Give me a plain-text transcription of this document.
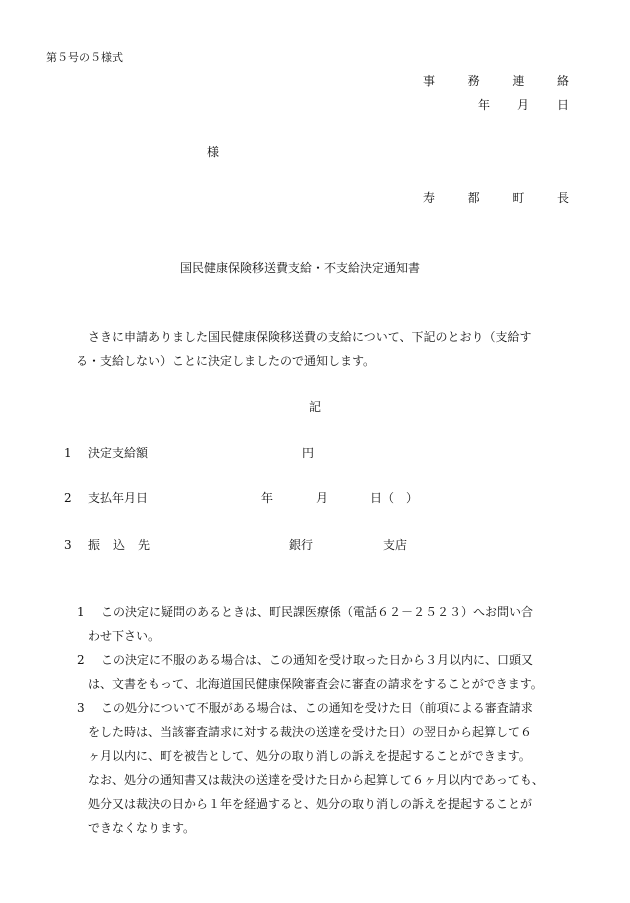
第５号の５様式
事	務	連	絡
年 月 日
様
寿	都	町	長
国民健康保険移送費支給・不支給決定通知書
さきに申請ありました国民健康保険移送費の支給について、下記のとおり（支給す
る・支給しない）ことに決定しましたので通知します。
記
1 決定支給額	円
2 支払年月日	年	月	日（　）
3 振 込 先	銀行	支店
1 この決定に疑問のあるときは、町民課医療係（電話６２－２５２３）へお問い合
わせ下さい。
2 この決定に不服のある場合は、この通知を受け取った日から３月以内に、口頭又
は、文書をもって、北海道国民健康保険審査会に審査の請求をすることができます。
3 この処分について不服がある場合は、この通知を受けた日（前項による審査請求
をした時は、当該審査請求に対する裁決の送達を受けた日）の翌日から起算して６
ヶ月以内に、町を被告として、処分の取り消しの訴えを提起することができます。
なお、処分の通知書又は裁決の送達を受けた日から起算して６ヶ月以内であっても、
処分又は裁決の日から１年を経過すると、処分の取り消しの訴えを提起することが
できなくなります。
